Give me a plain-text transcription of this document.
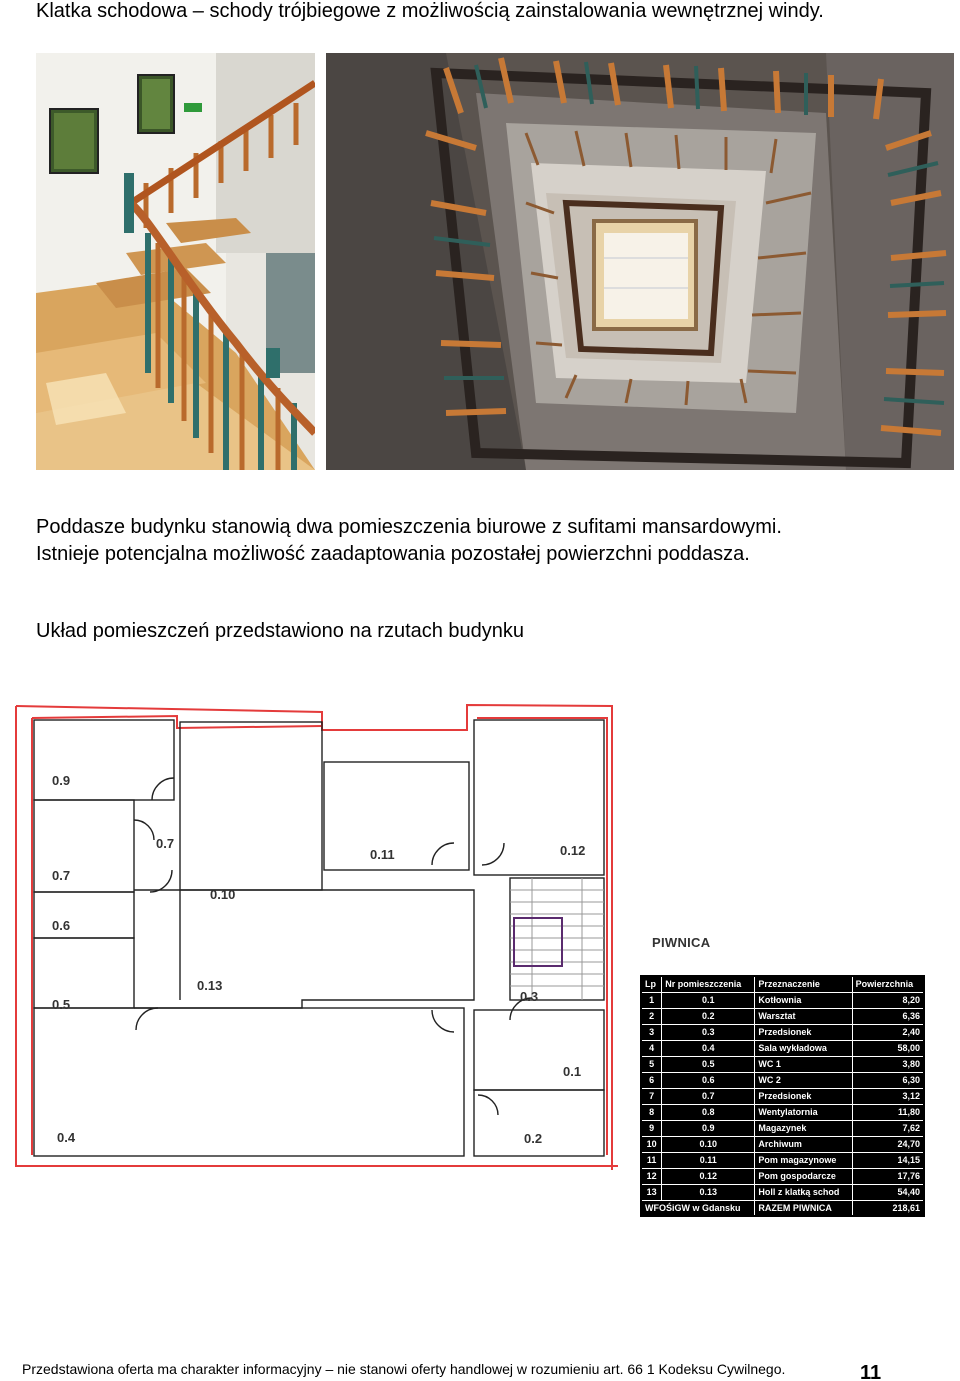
Klatka schodowa – schody trójbiegowe z możliwością zainstalowania wewnętrznej windy.
Poddasze budynku stanowią dwa pomieszczenia biurowe z sufitami mansardowymi.
Istnieje potencjalna możliwość zaadaptowania pozostałej powierzchni poddasza.
Układ pomieszczeń przedstawiono na rzutach budynku
0.9
0.7
0.7
0.6
0.5
0.10
0.11	0.12
0.13
0.3
0.1
0.4	0.2
PIWNICA
Lp	Nr pomieszczenia	Przeznaczenie	Powierzchnia
1	0.1	Kotłownia	8,20
2	0.2	Warsztat	6,36
3	0.3	Przedsionek	2,40
4	0.4	Sala wykładowa	58,00
5	0.5	WC 1	3,80
6	0.6	WC 2	6,30
7	0.7	Przedsionek	3,12
8	0.8	Wentylatornia	11,80
9	0.9	Magazynek	7,62
10	0.10	Archiwum	24,70
11	0.11	Pom magazynowe	14,15
12	0.12	Pom gospodarcze	17,76
13	0.13	Holl z klatką schod	54,40
WFOŚiGW w Gdansku		RAZEM PIWNICA	218,61
Przedstawiona oferta ma charakter informacyjny – nie stanowi oferty handlowej w rozumieniu art. 66 1 Kodeksu Cywilnego.	11
